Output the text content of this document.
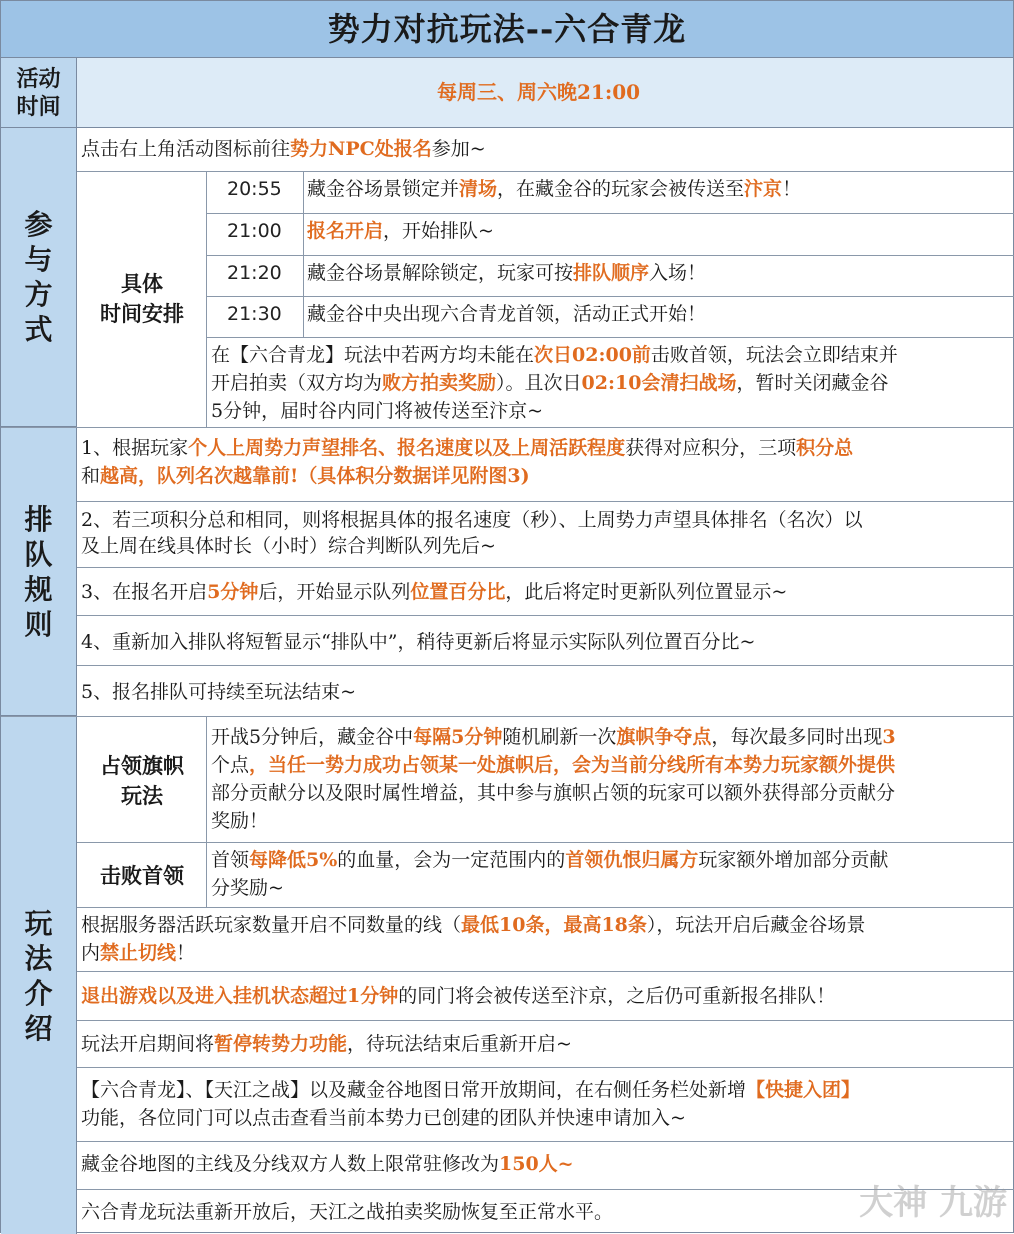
势力对抗玩法--六合青龙
活动
时间
每周三、周六晚21:00
参
与
方
式
点击右上角活动图标前往势力NPC处报名参加~
具体
时间安排
20:55 藏金谷场景锁定并清场，在藏金谷的玩家会被传送至汴京！
21:00 报名开启，开始排队~
21:20 藏金谷场景解除锁定，玩家可按排队顺序入场！
21:30 藏金谷中央出现六合青龙首领，活动正式开始！
在【六合青龙】玩法中若两方均未能在次日02:00前击败首领，玩法会立即结束并
开启拍卖（双方均为败方拍卖奖励）。且次日02:10会清扫战场，暂时关闭藏金谷
5分钟，届时谷内同门将被传送至汴京~
排
队
规
则
1、根据玩家个人上周势力声望排名、报名速度以及上周活跃程度获得对应积分，三项积分总
和越高，队列名次越靠前!（具体积分数据详见附图3)
2、若三项积分总和相同，则将根据具体的报名速度（秒）、上周势力声望具体排名（名次）以
及上周在线具体时长（小时）综合判断队列先后~
3、在报名开启5分钟后，开始显示队列位置百分比，此后将定时更新队列位置显示~
4、重新加入排队将短暂显示“排队中”，稍待更新后将显示实际队列位置百分比~
5、报名排队可持续至玩法结束~
玩
法
介
绍
占领旗帜
玩法
开战5分钟后，藏金谷中每隔5分钟随机刷新一次旗帜争夺点，每次最多同时出现3
个点，当任一势力成功占领某一处旗帜后，会为当前分线所有本势力玩家额外提供
部分贡献分以及限时属性增益，其中参与旗帜占领的玩家可以额外获得部分贡献分
奖励！
击败首领
首领每降低5%的血量，会为一定范围内的首领仇恨归属方玩家额外增加部分贡献
分奖励~
根据服务器活跃玩家数量开启不同数量的线（最低10条，最高18条），玩法开启后藏金谷场景
内禁止切线！
退出游戏以及进入挂机状态超过1分钟的同门将会被传送至汴京，之后仍可重新报名排队！
玩法开启期间将暂停转势力功能，待玩法结束后重新开启~
【六合青龙】、【天江之战】以及藏金谷地图日常开放期间，在右侧任务栏处新增【快捷入团】
功能，各位同门可以点击查看当前本势力已创建的团队并快速申请加入~
藏金谷地图的主线及分线双方人数上限常驻修改为150人~
六合青龙玩法重新开放后，天江之战拍卖奖励恢复至正常水平。	大神 九游
